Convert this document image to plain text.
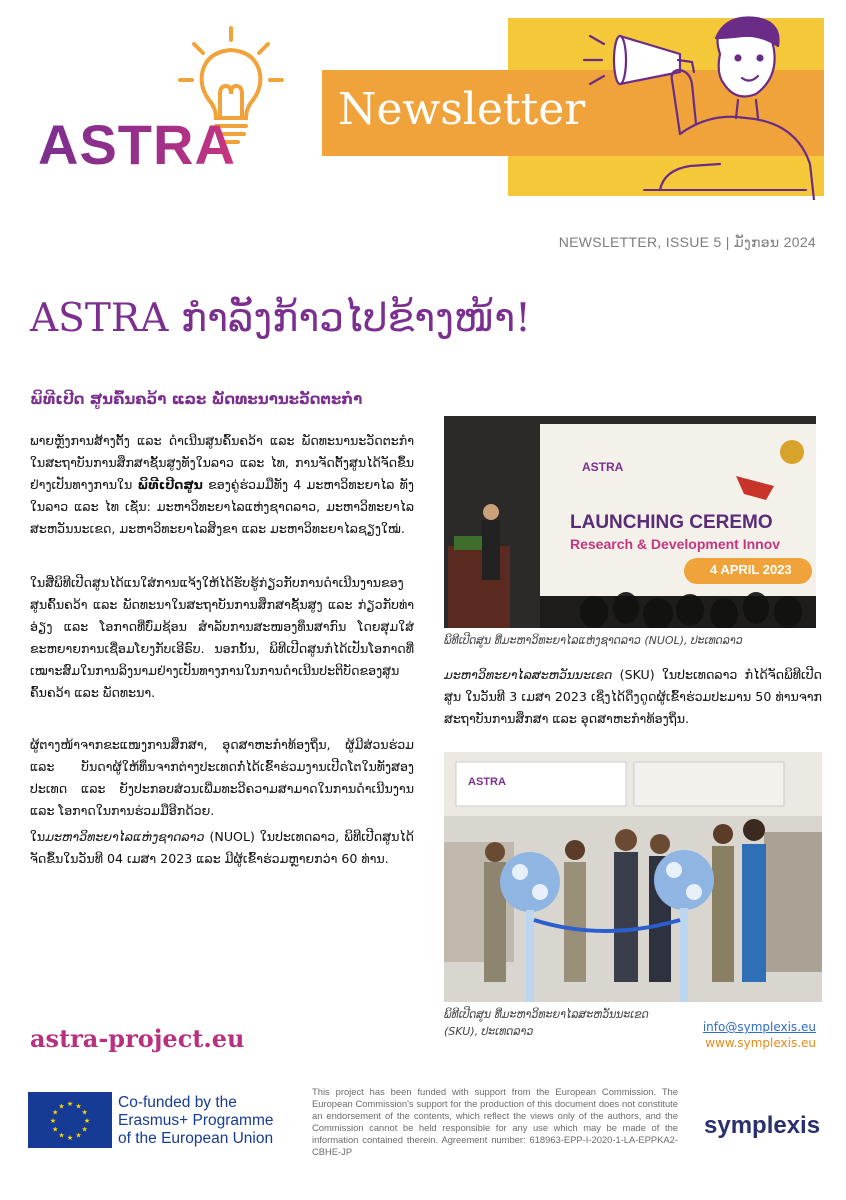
Newsletter
ASTRA
NEWSLETTER, ISSUE 5 | ມັງກອນ 2024
ASTRA ກຳລັງກ້າວໄປຂ້າງໜ້າ!
ພິທີເປີດ ສູນຄົ້ນຄວ້າ ແລະ ພັດທະນານະວັດຕະກຳ

ພາຍຫຼັງການສ້າງຕັ້ງ ແລະ ດຳເນີນສູນຄົ້ນຄວ້າ ແລະ ພັດທະນານະວັດຕະກຳ ໃນສະຖາບັນການສຶກສາຊັ້ນສູງທັງໃນລາວ ແລະ ໄທ, ການຈັດຕັ້ງສູນໄດ້ຈັດຂຶ້ນຢ່າງເປັນທາງການໃນ ພິທີເປີດສູນ ຂອງຄູ່ຮ່ວມມືທັງ 4 ມະຫາວິທະຍາໄລ ທັງໃນລາວ ແລະ ໄທ ເຊັ່ນ: ມະຫາວິທະຍາໄລແຫ່ງຊາດລາວ, ມະຫາວິທະຍາໄລສະຫວັນນະເຂດ, ມະຫາວິທະຍາໄລສິງຂາ ແລະ ມະຫາວິທະຍາໄລຊຽງໃໝ່.

ໃນສີ່ພິທີເປີດສູນໄດ້ແນໃສ່ການແຈ້ງໃຫ້ໄດ້ຮັບຮູ້ກ່ຽວກັບການດຳເນີນງານຂອງສູນຄົ້ນຄວ້າ ແລະ ພັດທະນາໃນສະຖາບັນການສຶກສາຊັ້ນສູງ ແລະ ກ່ຽວກັບທ່າອ່ຽງ ແລະ ໂອກາດທີ່ບົ່ມຊ້ອນ ສຳລັບການສະໜອງທຶນສາກົນ ໂດຍສຸມໃສ່ຂະຫຍາຍການເຊື່ອມໂຍງກັບເອີຣົບ. ນອກນັ້ນ, ພິທີເປີດສູນກໍໄດ້ເປັນໂອກາດທີ່ເໝາະສົມໃນການລິງນາມຢ່າງເປັນທາງການໃນການດຳເນີນປະຕິບັດຂອງສູນຄົ້ນຄວ້າ ແລະ ພັດທະນາ.

ຜູ້ຕາງໜ້າຈາກຂະແໜງການສຶກສາ, ອຸດສາຫະກຳທ້ອງຖິ່ນ, ຜູ້ມີສ່ວນຮ່ວມ ແລະ ບັນດາຜູ້ໃຫ້ທຶນຈາກຕ່າງປະເທດກໍ່ໄດ້ເຂົ້າຮ່ວມງານເປີດໂຕໃນທັງສອງປະເທດ ແລະ ຍັງປະກອບສ່ວນເພີ່ມທະວີຄວາມສາມາດໃນການດຳເນີນງານ ແລະ ໂອກາດໃນການຮ່ວມມືອີກດ້ວຍ.

ໃນມະຫາວິທະຍາໄລແຫ່ງຊາດລາວ (NUOL) ໃນປະເທດລາວ, ພິທີເປີດສູນໄດ້ຈັດຂຶ້ນໃນວັນທີ 04 ເມສາ 2023 ແລະ ມີຜູ້ເຂົ້າຮ່ວມຫຼາຍກວ່າ 60 ທ່ານ.

ASTRA
LAUNCHING CEREMO
Research & Development Innov
4 APRIL 2023
ພິທີເປີດສູນ ທີ່ມະຫາວິທະຍາໄລແຫ່ງຊາດລາວ (NUOL), ປະເທດລາວ

ມະຫາວິທະຍາໄລສະຫວັນນະເຂດ (SKU) ໃນປະເທດລາວ ກໍໄດ້ຈັດພິທີເປີດສູນ ໃນວັນທີ 3 ເມສາ 2023 ເຊິ່ງໄດ້ດຶງດູດຜູ້ເຂົ້າຮ່ວມປະມານ 50 ທ່ານຈາກສະຖາບັນການສຶກສາ ແລະ ອຸດສາຫະກຳທ້ອງຖິ່ນ.

ASTRA
ພິທີເປີດສູນ ທີ່ມະຫາວິທະຍາໄລສະຫວັນນະເຂດ (SKU), ປະເທດລາວ
astra-project.eu	info@symplexis.eu
www.symplexis.eu
★
★
★
★
★
★
★
★
★ ★ ★
★
Co-funded by the
Erasmus+ Programme
of the European Union
This project has been funded with support from the European Commission. The European Commission's support for the production of this document does not constitute an endorsement of the contents, which reflect the views only of the authors, and the Commission cannot be held responsible for any use which may be made of the information contained therein. Agreement number: 618963-EPP-I-2020-1-LA-EPPKA2-CBHE-JP
symplexis
